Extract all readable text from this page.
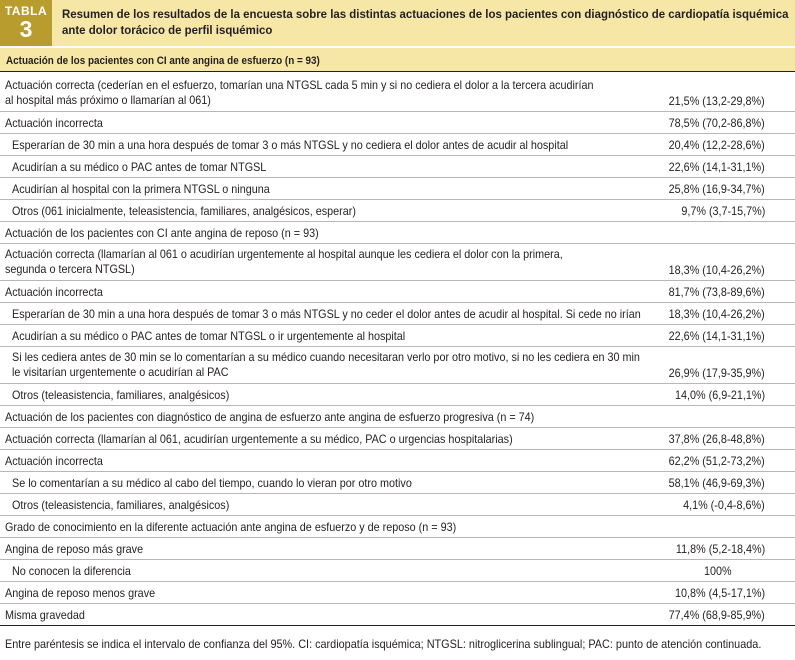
TABLA
3
Resumen de los resultados de la encuesta sobre las distintas actuaciones de los pacientes con diagnóstico de cardiopatía isquémica
ante dolor torácico de perfil isquémico
Actuación de los pacientes con CI ante angina de esfuerzo (n = 93)
Actuación correcta (cederían en el esfuerzo, tomarían una NTGSL cada 5 min y si no cediera el dolor a la tercera acudirían
al hospital más próximo o llamarían al 061)	21,5% (13,2-29,8%)
Actuación incorrecta	78,5% (70,2-86,8%)
Esperarían de 30 min a una hora después de tomar 3 o más NTGSL y no cediera el dolor antes de acudir al hospital	20,4% (12,2-28,6%)
Acudirían a su médico o PAC antes de tomar NTGSL	22,6% (14,1-31,1%)
Acudirían al hospital con la primera NTGSL o ninguna	25,8% (16,9-34,7%)
Otros (061 inicialmente, teleasistencia, familiares, analgésicos, esperar)	9,7% (3,7-15,7%)
Actuación de los pacientes con CI ante angina de reposo (n = 93)
Actuación correcta (llamarían al 061 o acudirían urgentemente al hospital aunque les cediera el dolor con la primera,
segunda o tercera NTGSL)	18,3% (10,4-26,2%)
Actuación incorrecta	81,7% (73,8-89,6%)
Esperarían de 30 min a una hora después de tomar 3 o más NTGSL y no ceder el dolor antes de acudir al hospital. Si cede no irían 18,3% (10,4-26,2%)
Acudirían a su médico o PAC antes de tomar NTGSL o ir urgentemente al hospital	22,6% (14,1-31,1%)
Si les cediera antes de 30 min se lo comentarían a su médico cuando necesitaran verlo por otro motivo, si no les cediera en 30 min
le visitarían urgentemente o acudirían al PAC	26,9% (17,9-35,9%)
Otros (teleasistencia, familiares, analgésicos)	14,0% (6,9-21,1%)
Actuación de los pacientes con diagnóstico de angina de esfuerzo ante angina de esfuerzo progresiva (n = 74)
Actuación correcta (llamarían al 061, acudirían urgentemente a su médico, PAC o urgencias hospitalarias)	37,8% (26,8-48,8%)
Actuación incorrecta	62,2% (51,2-73,2%)
Se lo comentarían a su médico al cabo del tiempo, cuando lo vieran por otro motivo	58,1% (46,9-69,3%)
Otros (teleasistencia, familiares, analgésicos)	4,1% (-0,4-8,6%)
Grado de conocimiento en la diferente actuación ante angina de esfuerzo y de reposo (n = 93)
Angina de reposo más grave	11,8% (5,2-18,4%)
No conocen la diferencia	100%
Angina de reposo menos grave	10,8% (4,5-17,1%)
Misma gravedad	77,4% (68,9-85,9%)
Entre paréntesis se indica el intervalo de confianza del 95%. CI: cardiopatía isquémica; NTGSL: nitroglicerina sublingual; PAC: punto de atención continuada.
